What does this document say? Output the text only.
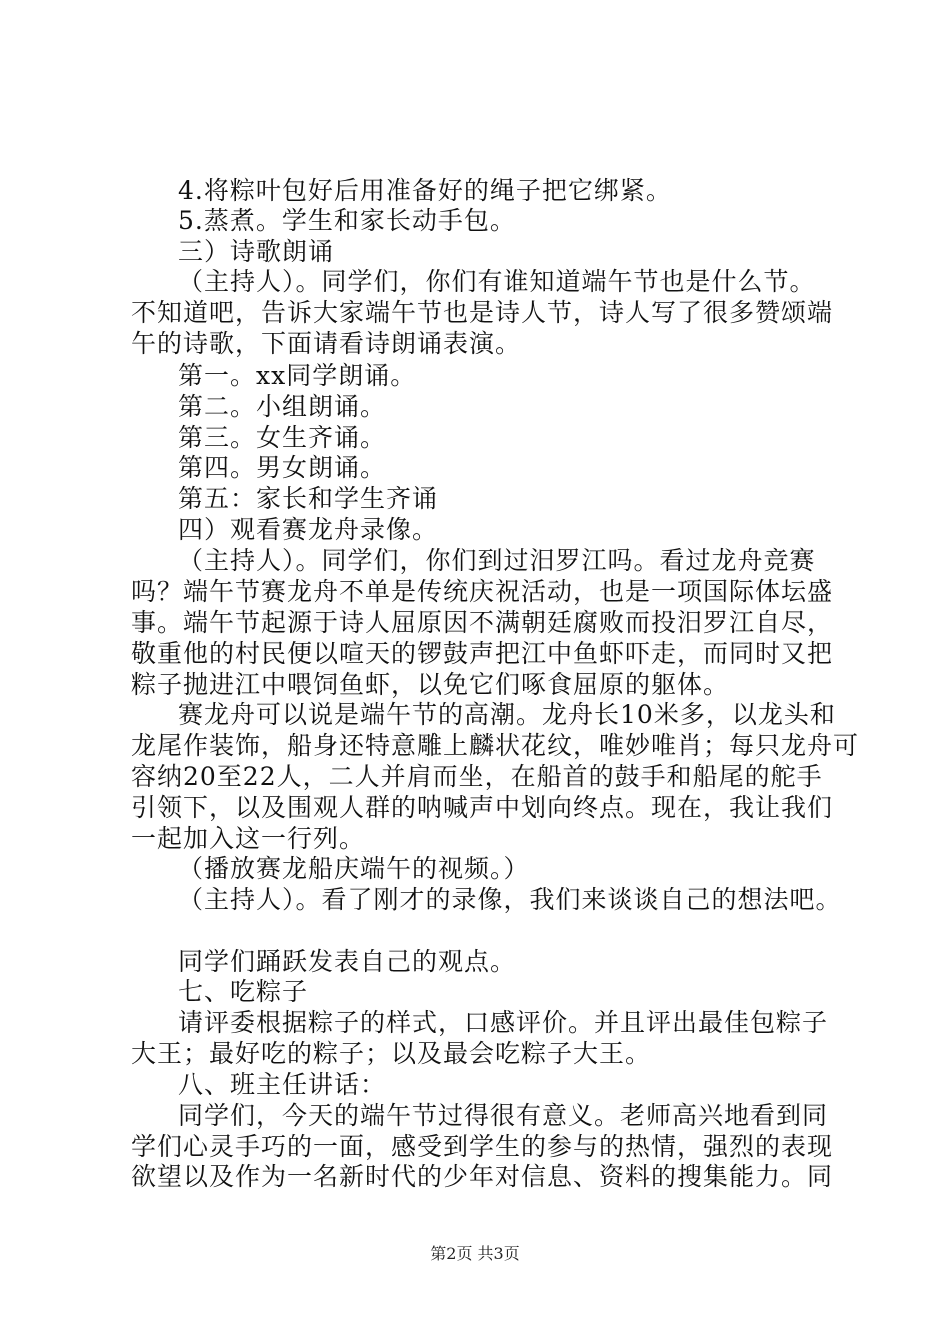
4.将粽叶包好后用准备好的绳子把它绑紧。
5.蒸煮。学生和家长动手包。
三）诗歌朗诵
（主持人）。同学们，你们有谁知道端午节也是什么节。
不知道吧，告诉大家端午节也是诗人节，诗人写了很多赞颂端
午的诗歌，下面请看诗朗诵表演。
第一。xx同学朗诵。
第二。小组朗诵。
第三。女生齐诵。
第四。男女朗诵。
第五：家长和学生齐诵
四）观看赛龙舟录像。
（主持人）。同学们，你们到过汨罗江吗。看过龙舟竞赛
吗？端午节赛龙舟不单是传统庆祝活动，也是一项国际体坛盛
事。端午节起源于诗人屈原因不满朝廷腐败而投汨罗江自尽，
敬重他的村民便以喧天的锣鼓声把江中鱼虾吓走，而同时又把
粽子抛进江中喂饲鱼虾，以免它们啄食屈原的躯体。
赛龙舟可以说是端午节的高潮。龙舟长10米多，以龙头和
龙尾作装饰，船身还特意雕上麟状花纹，唯妙唯肖；每只龙舟可
容纳20至22人，二人并肩而坐，在船首的鼓手和船尾的舵手
引领下，以及围观人群的呐喊声中划向终点。现在，我让我们
一起加入这一行列。
（播放赛龙船庆端午的视频。）
（主持人）。看了刚才的录像，我们来谈谈自己的想法吧。
同学们踊跃发表自己的观点。
七、吃粽子
请评委根据粽子的样式，口感评价。并且评出最佳包粽子
大王；最好吃的粽子；以及最会吃粽子大王。
八、班主任讲话：
同学们，今天的端午节过得很有意义。老师高兴地看到同
学们心灵手巧的一面，感受到学生的参与的热情，强烈的表现
欲望以及作为一名新时代的少年对信息、资料的搜集能力。同
第2页 共3页
